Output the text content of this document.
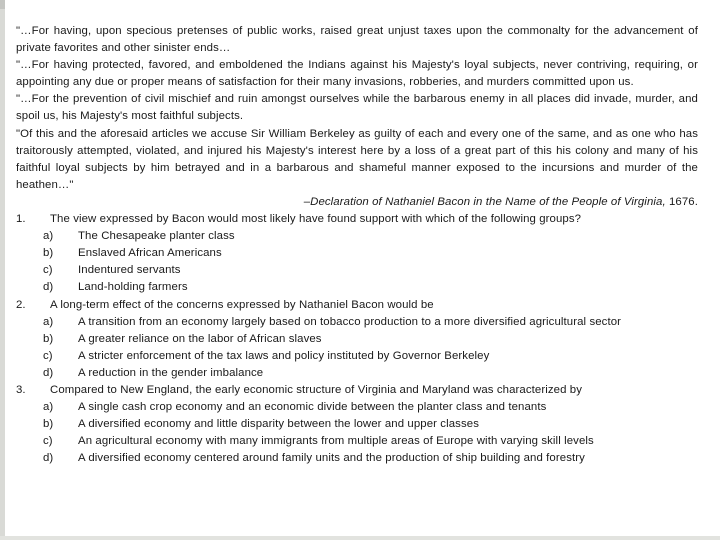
"…For having, upon specious pretenses of public works, raised great unjust taxes upon the commonalty for the advancement of private favorites and other sinister ends…

"…For having protected, favored, and emboldened the Indians against his Majesty's loyal subjects, never contriving, requiring, or appointing any due or proper means of satisfaction for their many invasions, robberies, and murders committed upon us.

"…For the prevention of civil mischief and ruin amongst ourselves while the barbarous enemy in all places did invade, murder, and spoil us, his Majesty's most faithful subjects.

"Of this and the aforesaid articles we accuse Sir William Berkeley as guilty of each and every one of the same, and as one who has traitorously attempted, violated, and injured his Majesty's interest here by a loss of a great part of this his colony and many of his faithful loyal subjects by him betrayed and in a barbarous and shameful manner exposed to the incursions and murder of the heathen…"

–Declaration of Nathaniel Bacon in the Name of the People of Virginia, 1676.

1. The view expressed by Bacon would most likely have found support with which of the following groups?
a) The Chesapeake planter class
b) Enslaved African Americans
c) Indentured servants
d) Land-holding farmers
2. A long-term effect of the concerns expressed by Nathaniel Bacon would be
a) A transition from an economy largely based on tobacco production to a more diversified agricultural sector
b) A greater reliance on the labor of African slaves
c) A stricter enforcement of the tax laws and policy instituted by Governor Berkeley
d) A reduction in the gender imbalance
3. Compared to New England, the early economic structure of Virginia and Maryland was characterized by
a) A single cash crop economy and an economic divide between the planter class and tenants
b) A diversified economy and little disparity between the lower and upper classes
c) An agricultural economy with many immigrants from multiple areas of Europe with varying skill levels
d) A diversified economy centered around family units and the production of ship building and forestry
